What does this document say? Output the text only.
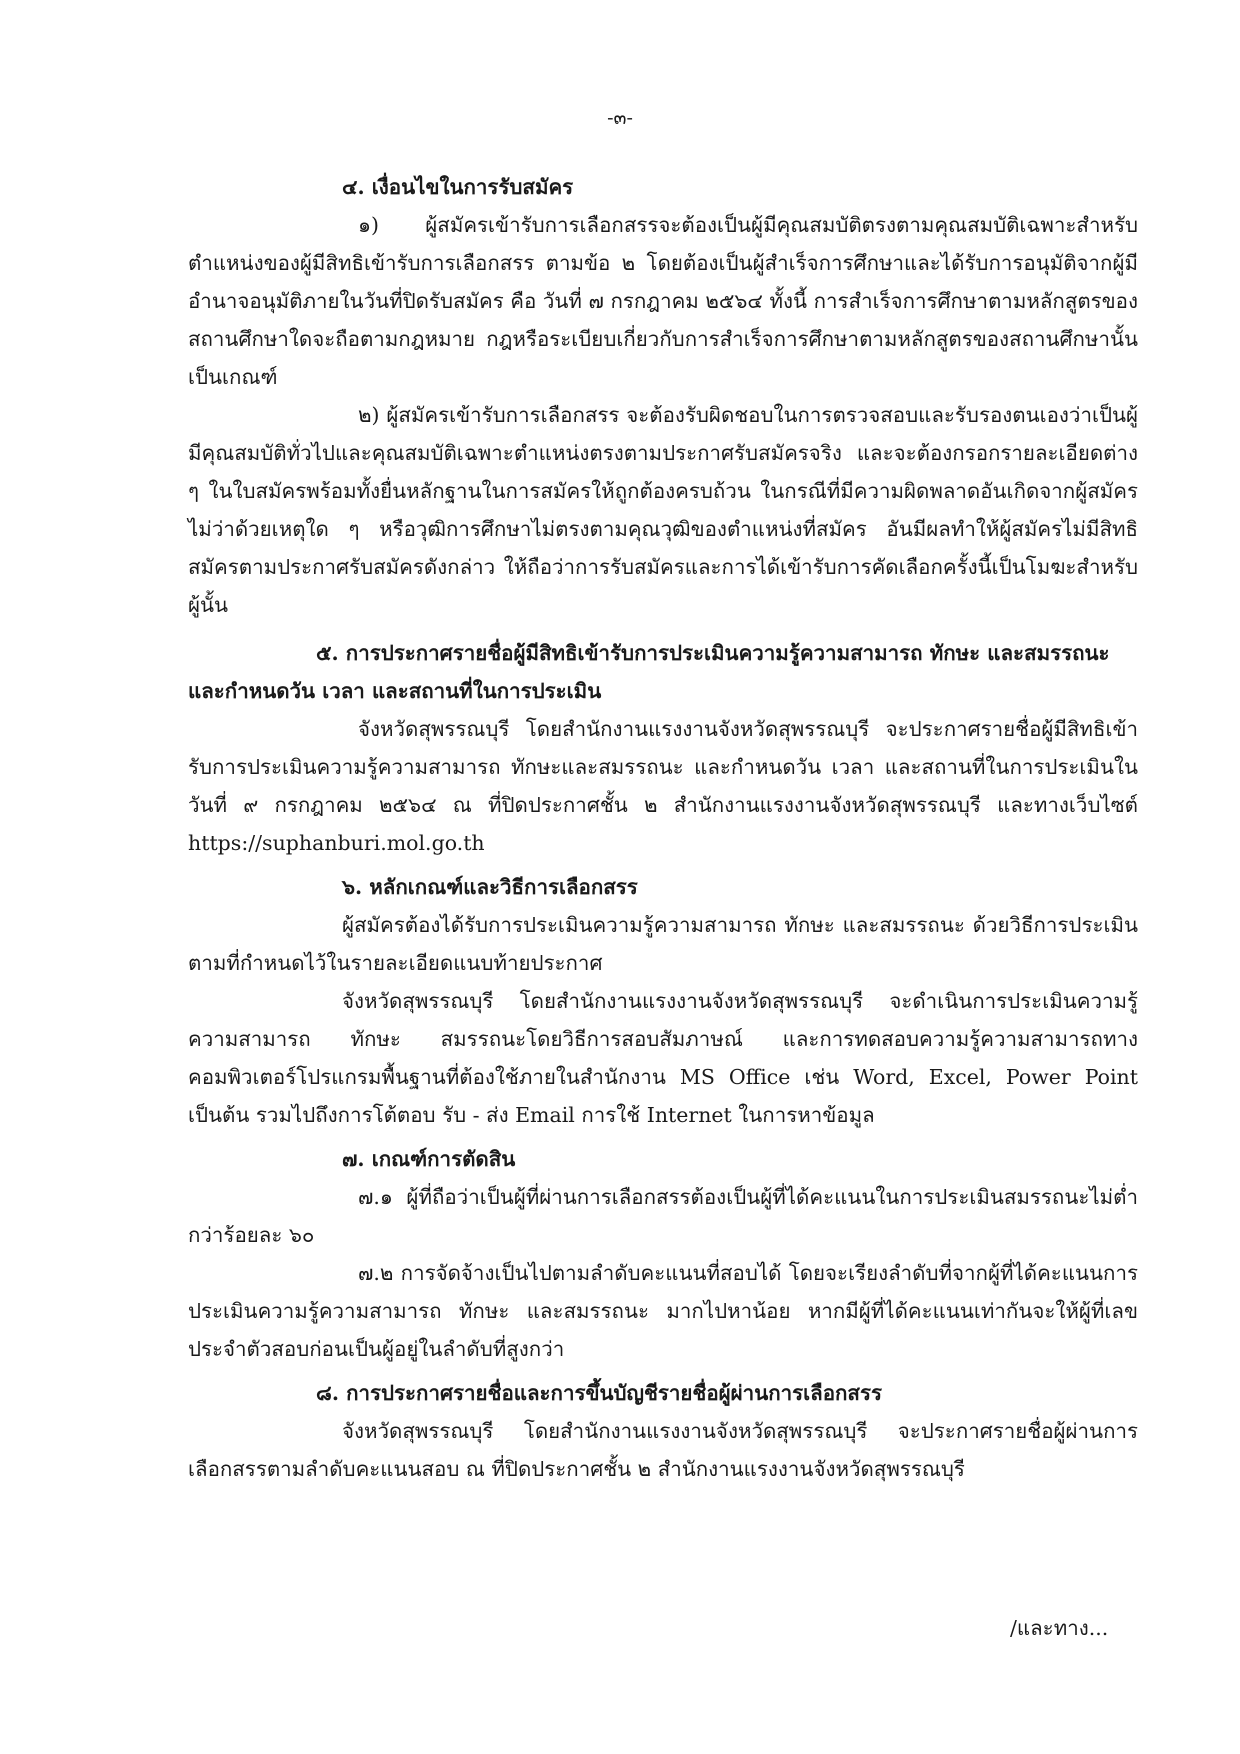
-๓-

๔. เงื่อนไขในการรับสมัคร

๑) ผู้สมัครเข้ารับการเลือกสรรจะต้องเป็นผู้มีคุณสมบัติตรงตามคุณสมบัติเฉพาะสำหรับตำแหน่งของผู้มีสิทธิเข้ารับการเลือกสรร ตามข้อ ๒ โดยต้องเป็นผู้สำเร็จการศึกษาและได้รับการอนุมัติจากผู้มีอำนาจอนุมัติภายในวันที่ปิดรับสมัคร คือ วันที่ ๗ กรกฎาคม ๒๕๖๔ ทั้งนี้ การสำเร็จการศึกษาตามหลักสูตรของสถานศึกษาใดจะถือตามกฎหมาย กฎหรือระเบียบเกี่ยวกับการสำเร็จการศึกษาตามหลักสูตรของสถานศึกษานั้นเป็นเกณฑ์

๒) ผู้สมัครเข้ารับการเลือกสรร จะต้องรับผิดชอบในการตรวจสอบและรับรองตนเองว่าเป็นผู้มีคุณสมบัติทั่วไปและคุณสมบัติเฉพาะตำแหน่งตรงตามประกาศรับสมัครจริง และจะต้องกรอกรายละเอียดต่าง ๆ ในใบสมัครพร้อมทั้งยื่นหลักฐานในการสมัครให้ถูกต้องครบถ้วน ในกรณีที่มีความผิดพลาดอันเกิดจากผู้สมัคร ไม่ว่าด้วยเหตุใด ๆ หรือวุฒิการศึกษาไม่ตรงตามคุณวุฒิของตำแหน่งที่สมัคร อันมีผลทำให้ผู้สมัครไม่มีสิทธิสมัครตามประกาศรับสมัครดังกล่าว ให้ถือว่าการรับสมัครและการได้เข้ารับการคัดเลือกครั้งนี้เป็นโมฆะสำหรับผู้นั้น

๕. การประกาศรายชื่อผู้มีสิทธิเข้ารับการประเมินความรู้ความสามารถ ทักษะ และสมรรถนะ

และกำหนดวัน เวลา และสถานที่ในการประเมิน

จังหวัดสุพรรณบุรี โดยสำนักงานแรงงานจังหวัดสุพรรณบุรี จะประกาศรายชื่อผู้มีสิทธิเข้ารับการประเมินความรู้ความสามารถ ทักษะและสมรรถนะ และกำหนดวัน เวลา และสถานที่ในการประเมินในวันที่ ๙ กรกฎาคม ๒๕๖๔ ณ ที่ปิดประกาศชั้น ๒ สำนักงานแรงงานจังหวัดสุพรรณบุรี และทางเว็บไซต์ https://suphanburi.mol.go.th

๖. หลักเกณฑ์และวิธีการเลือกสรร

ผู้สมัครต้องได้รับการประเมินความรู้ความสามารถ ทักษะ และสมรรถนะ ด้วยวิธีการประเมินตามที่กำหนดไว้ในรายละเอียดแนบท้ายประกาศ

จังหวัดสุพรรณบุรี โดยสำนักงานแรงงานจังหวัดสุพรรณบุรี จะดำเนินการประเมินความรู้ความสามารถ ทักษะ สมรรถนะโดยวิธีการสอบสัมภาษณ์ และการทดสอบความรู้ความสามารถทางคอมพิวเตอร์โปรแกรมพื้นฐานที่ต้องใช้ภายในสำนักงาน MS Office เช่น Word, Excel, Power Point เป็นต้น รวมไปถึงการโต้ตอบ รับ - ส่ง Email การใช้ Internet ในการหาข้อมูล

๗. เกณฑ์การตัดสิน

๗.๑ ผู้ที่ถือว่าเป็นผู้ที่ผ่านการเลือกสรรต้องเป็นผู้ที่ได้คะแนนในการประเมินสมรรถนะไม่ต่ำกว่าร้อยละ ๖๐

๗.๒ การจัดจ้างเป็นไปตามลำดับคะแนนที่สอบได้ โดยจะเรียงลำดับที่จากผู้ที่ได้คะแนนการประเมินความรู้ความสามารถ ทักษะ และสมรรถนะ มากไปหาน้อย หากมีผู้ที่ได้คะแนนเท่ากันจะให้ผู้ที่เลขประจำตัวสอบก่อนเป็นผู้อยู่ในลำดับที่สูงกว่า

๘. การประกาศรายชื่อและการขึ้นบัญชีรายชื่อผู้ผ่านการเลือกสรร

จังหวัดสุพรรณบุรี โดยสำนักงานแรงงานจังหวัดสุพรรณบุรี จะประกาศรายชื่อผู้ผ่านการเลือกสรรตามลำดับคะแนนสอบ ณ ที่ปิดประกาศชั้น ๒ สำนักงานแรงงานจังหวัดสุพรรณบุรี

/และทาง...
